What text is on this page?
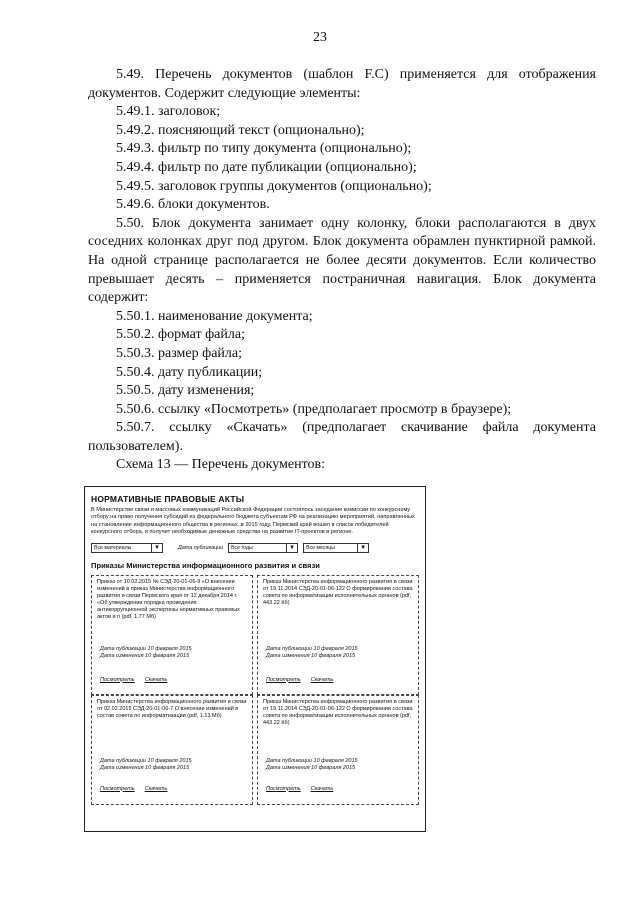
23

5.49. Перечень документов (шаблон F.C) применяется для отображения документов. Содержит следующие элементы:

5.49.1. заголовок;

5.49.2. поясняющий текст (опционально);

5.49.3. фильтр по типу документа (опционально);

5.49.4. фильтр по дате публикации (опционально);

5.49.5. заголовок группы документов (опционально);

5.49.6. блоки документов.

5.50. Блок документа занимает одну колонку, блоки располагаются в двух соседних колонках друг под другом. Блок документа обрамлен пунктирной рамкой. На одной странице располагается не более десяти документов. Если количество превышает десять – применяется постраничная навигация. Блок документа содержит:

5.50.1. наименование документа;

5.50.2. формат файла;

5.50.3. размер файла;

5.50.4. дату публикации;

5.50.5. дату изменения;

5.50.6. ссылку «Посмотреть» (предполагает просмотр в браузере);

5.50.7. ссылку «Скачать» (предполагает скачивание файла документа пользователем).

Схема 13 — Перечень документов:

НОРМАТИВНЫЕ ПРАВОВЫЕ АКТЫ

В Министерстве связи и массовых коммуникаций Российской Федерации состоялось заседание комиссии по конкурсному отбору на право получения субсидий из федерального бюджета субъектам РФ на реализацию мероприятий, направленных на становление информационного общества в регионах, в 2015 году. Пермский край вошел в список победителей конкурсного отбора, и получит необходимые денежные средства на развитие IT-проектов в регионе.

Все материалы	▼	Дата публикации Все годы	▼	Все месяцы	▼
Приказы Министерства информационного развития и связи

Приказ от 10.02.2015 № СЭД-20-01-06-9 «О внесении изменений в приказ Министерства информационного развития и связи Пермского края от 12 декабря 2014 г. «Об утверждении порядка проведения антикоррупционной экспертизы нормативных правовых актов и п (pdf, 1.77 Мб)

Дата публикации 10 февраля 2015
Дата изменения 10 февраля 2015
Посмотреть Скачать

Приказ Министерства информационного развития и связи от 19.11.2014 СЭД-20-01-06-122 О формировании состава совета по информатизации исполнительных органов (pdf, 443.22 Кб)

Дата публикации 10 февраля 2015
Дата изменения 10 февраля 2015
Посмотреть Скачать

Приказ Министерства информационного развития и связи от 02.02.2015 СЭД-20-01-06-7 О внесении изменений в состав совета по информатизации (pdf, 1.13 Мб)

Дата публикации 10 февраля 2015
Дата изменения 10 февраля 2015
Посмотреть Скачать

Приказ Министерства информационного развития и связи от 19.11.2014 СЭД-20-01-06-122 О формировании состава совета по информатизации исполнительных органов (pdf, 443.22 Кб)

Дата публикации 10 февраля 2015
Дата изменения 10 февраля 2015
Посмотреть Скачать
